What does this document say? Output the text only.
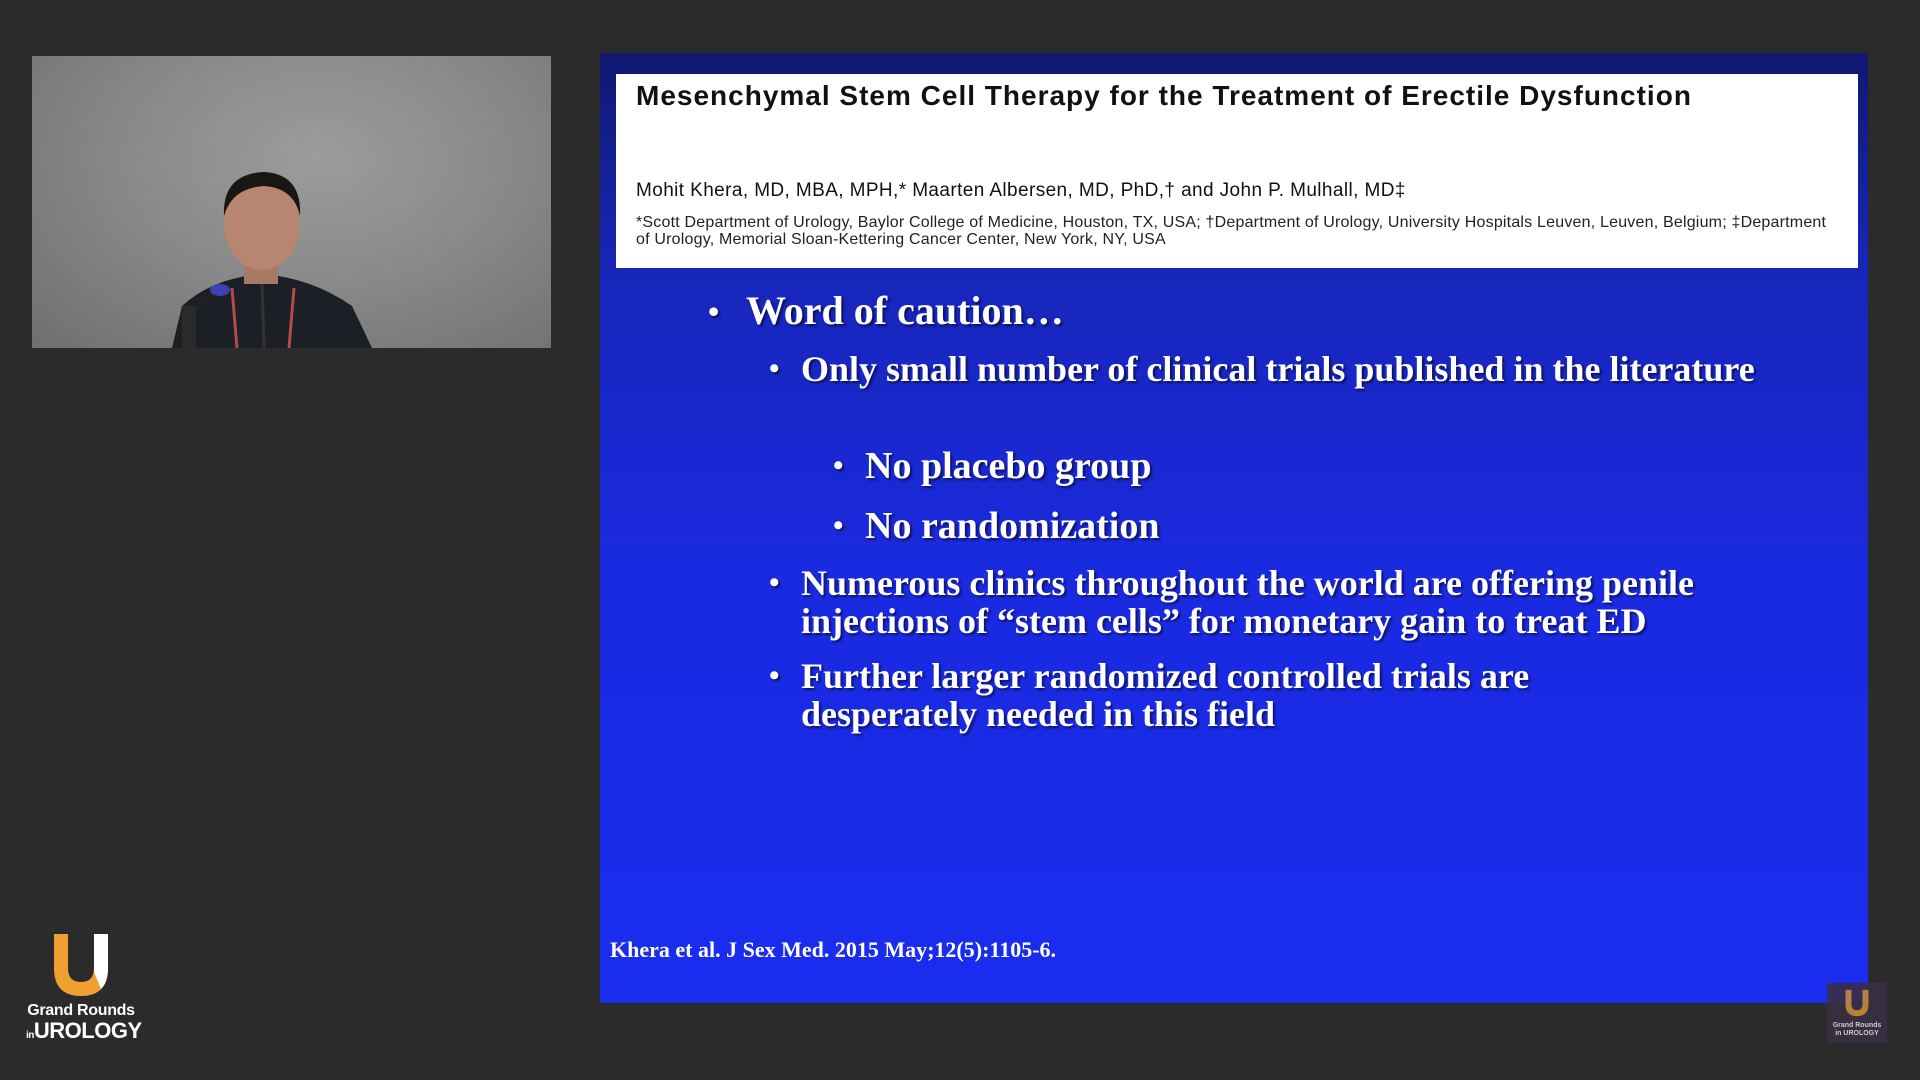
Mesenchymal Stem Cell Therapy for the Treatment of Erectile Dysfunction
Mohit Khera, MD, MBA, MPH,* Maarten Albersen, MD, PhD,† and John P. Mulhall, MD‡
*Scott Department of Urology, Baylor College of Medicine, Houston, TX, USA; †Department of Urology, University Hospitals Leuven, Leuven, Belgium; ‡Department of Urology, Memorial Sloan-Kettering Cancer Center, New York, NY, USA
• Word of caution…
• Only small number of clinical trials published in the literature
• No placebo group
• No randomization
• Numerous clinics throughout the world are offering penile injections of “stem cells” for monetary gain to treat ED
• Further larger randomized controlled trials are desperately needed in this field
Khera et al. J Sex Med. 2015 May;12(5):1105-6.
Grand Rounds
inUROLOGY	Grand Rounds
in UROLOGY
